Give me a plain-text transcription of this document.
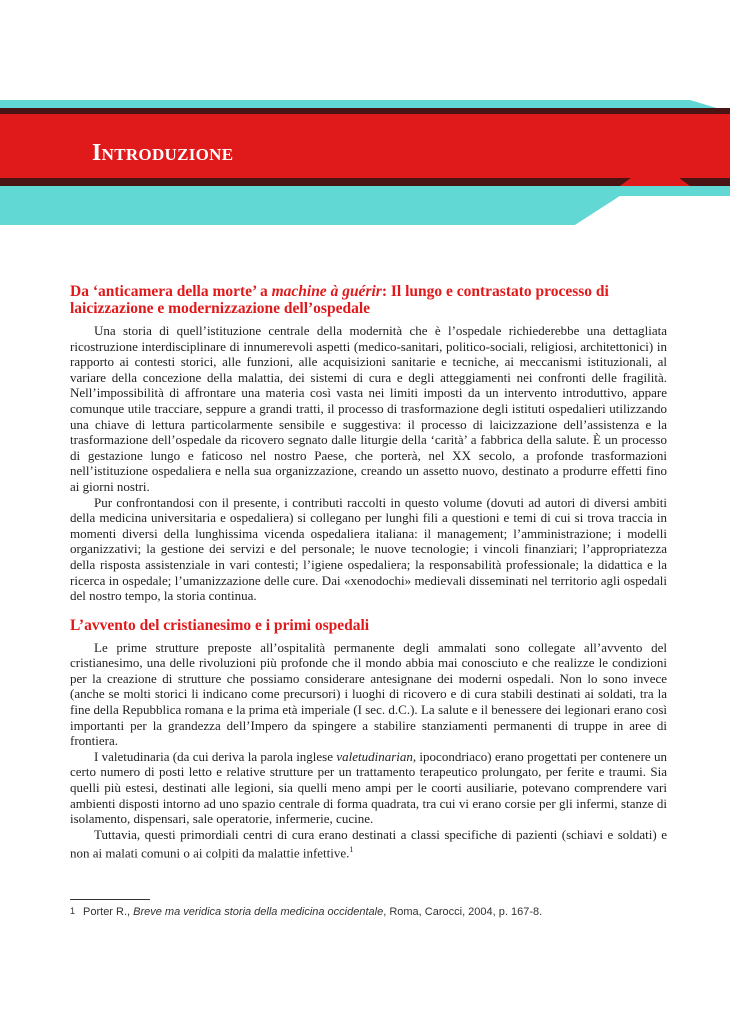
Introduzione
Da ‘anticamera della morte’ a machine à guérir: Il lungo e contrastato processo di laicizzazione e modernizzazione dell’ospedale

Una storia di quell’istituzione centrale della modernità che è l’ospedale richiederebbe una dettagliata ricostruzione interdisciplinare di innumerevoli aspetti (medico-sanitari, politico-sociali, religiosi, architettonici) in rapporto ai contesti storici, alle funzioni, alle acquisizioni sanitarie e tecniche, ai meccanismi istituzionali, al variare della concezione della malattia, dei sistemi di cura e degli atteggiamenti nei confronti delle fragilità. Nell’impossibilità di affrontare una materia così vasta nei limiti imposti da un intervento introduttivo, appare comunque utile tracciare, seppure a grandi tratti, il processo di trasformazione degli istituti ospedalieri utilizzando una chiave di lettura particolarmente sensibile e suggestiva: il processo di laicizzazione dell’assistenza e la trasformazione dell’ospedale da ricovero segnato dalle liturgie della ‘carità’ a fabbrica della salute. È un processo di gestazione lungo e faticoso nel nostro Paese, che porterà, nel XX secolo, a profonde trasformazioni nell’istituzione ospedaliera e nella sua organizzazione, creando un assetto nuovo, destinato a produrre effetti fino ai giorni nostri.

Pur confrontandosi con il presente, i contributi raccolti in questo volume (dovuti ad autori di diversi ambiti della medicina universitaria e ospedaliera) si collegano per lunghi fili a questioni e temi di cui si trova traccia in momenti diversi della lunghissima vicenda ospedaliera italiana: il management; l’amministrazione; i modelli organizzativi; la gestione dei servizi e del personale; le nuove tecnologie; i vincoli finanziari; l’appropriatezza della risposta assistenziale in vari contesti; l’igiene ospedaliera; la responsabilità professionale; la didattica e la ricerca in ospedale; l’umanizzazione delle cure. Dai «xenodochi» medievali disseminati nel territorio agli ospedali del nostro tempo, la storia continua.

L’avvento del cristianesimo e i primi ospedali

Le prime strutture preposte all’ospitalità permanente degli ammalati sono collegate all’avvento del cristianesimo, una delle rivoluzioni più profonde che il mondo abbia mai conosciuto e che realizze le condizioni per la creazione di strutture che possiamo considerare antesignane dei moderni ospedali. Non lo sono invece (anche se molti storici li indicano come precursori) i luoghi di ricovero e di cura stabili destinati ai soldati, tra la fine della Repubblica romana e la prima età imperiale (I sec. d.C.). La salute e il benessere dei legionari erano così importanti per la grandezza dell’Impero da spingere a stabilire stanziamenti permanenti di truppe in aree di frontiera.

I valetudinaria (da cui deriva la parola inglese valetudinarian, ipocondriaco) erano progettati per contenere un certo numero di posti letto e relative strutture per un trattamento terapeutico prolungato, per ferite e traumi. Sia quelli più estesi, destinati alle legioni, sia quelli meno ampi per le coorti ausiliarie, potevano comprendere vari ambienti disposti intorno ad uno spazio centrale di forma quadrata, tra cui vi erano corsie per gli infermi, stanze di isolamento, dispensari, sale operatorie, infermerie, cucine.

Tuttavia, questi primordiali centri di cura erano destinati a classi specifiche di pazienti (schiavi e soldati) e non ai malati comuni o ai colpiti da malattie infettive.$^1$

$^1$ Porter R., Breve ma veridica storia della medicina occidentale, Roma, Carocci, 2004, p. 167-8.
